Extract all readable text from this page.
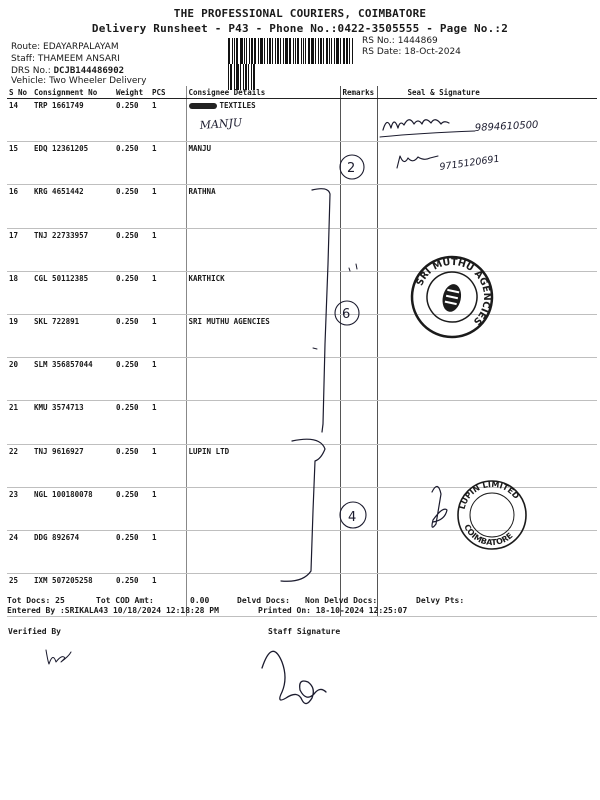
THE PROFESSIONAL COURIERS, COIMBATORE
Delivery Runsheet - P43 - Phone No.:0422-3505555 - Page No.:2
Route: EDAYARPALAYAM
Staff: THAMEEM ANSARI
DRS No.: DCJB144486902
Vehicle: Two Wheeler Delivery
RS No.: 1444869
RS Date: 18-Oct-2024
S No	Consignment No	Weight	PCS	Consignee Details	Remarks	Seal & Signature
14	TRP 1661749	0.250	1	TEXTILES		
15	EDQ 12361205	0.250	1	MANJU		
16	KRG 4651442	0.250	1	RATHNA		
17	TNJ 22733957	0.250	1			
18	CGL 50112385	0.250	1	KARTHICK		
19	SKL 722891	0.250	1	SRI MUTHU AGENCIES		
20	SLM 356857044	0.250	1			
21	KMU 3574713	0.250	1			
22	TNJ 9616927	0.250	1	LUPIN LTD		
23	NGL 100180078	0.250	1			
24	DDG 892674	0.250	1			
25	IXM 507205258	0.250	1			
MANJU	9894610500
9715120691
2
6
4
SRI MUTHU AGENCIES
LUPIN LIMITED
COIMBATORE
Tot Docs: 25	Tot COD Amt:	0.00	Delvd Docs: Non Delvd Docs:	Delvy Pts:
Entered By :SRIKALA43 10/18/2024 12:18:28 PM	Printed On: 18-10-2024 12:25:07
Verified By	Staff Signature
